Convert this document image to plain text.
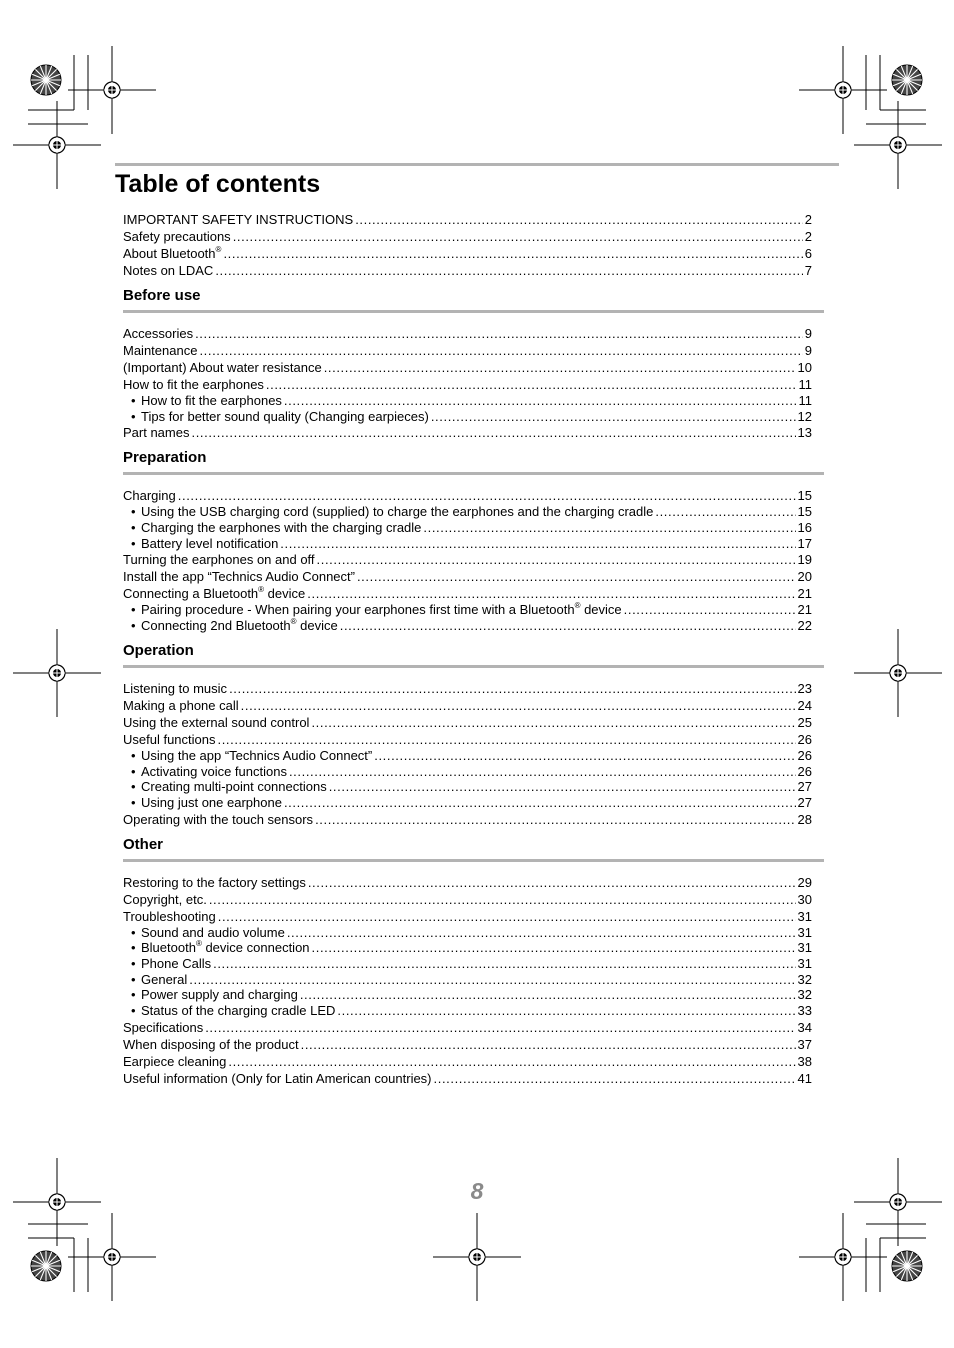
Table of contents
IMPORTANT SAFETY INSTRUCTIONS .....	2
Safety precautions .....	2
About Bluetooth® .....	6
Notes on LDAC .....	7
Before use
Accessories .....	9
Maintenance .....	9
(Important) About water resistance .....	10
How to fit the earphones .....	11
• How to fit the earphones .....	11
• Tips for better sound quality (Changing earpieces) .....	12
Part names .....	13
Preparation
Charging .....	15
• Using the USB charging cord (supplied) to charge the earphones and the charging cradle .....	15
• Charging the earphones with the charging cradle .....	16
• Battery level notification .....	17
Turning the earphones on and off .....	19
Install the app “Technics Audio Connect” .....	20
Connecting a Bluetooth® device .....	21
• Pairing procedure - When pairing your earphones first time with a Bluetooth® device .....	21
• Connecting 2nd Bluetooth® device .....	22
Operation
Listening to music .....	23
Making a phone call .....	24
Using the external sound control .....	25
Useful functions .....	26
• Using the app “Technics Audio Connect” .....	26
• Activating voice functions .....	26
• Creating multi-point connections .....	27
• Using just one earphone .....	27
Operating with the touch sensors .....	28
Other
Restoring to the factory settings .....	29
Copyright, etc. .....	30
Troubleshooting .....	31
• Sound and audio volume .....	31
• Bluetooth® device connection .....	31
• Phone Calls .....	31
• General .....	32
• Power supply and charging .....	32
• Status of the charging cradle LED .....	33
Specifications .....	34
When disposing of the product .....	37
Earpiece cleaning .....	38
Useful information (Only for Latin American countries) .....	41
8
